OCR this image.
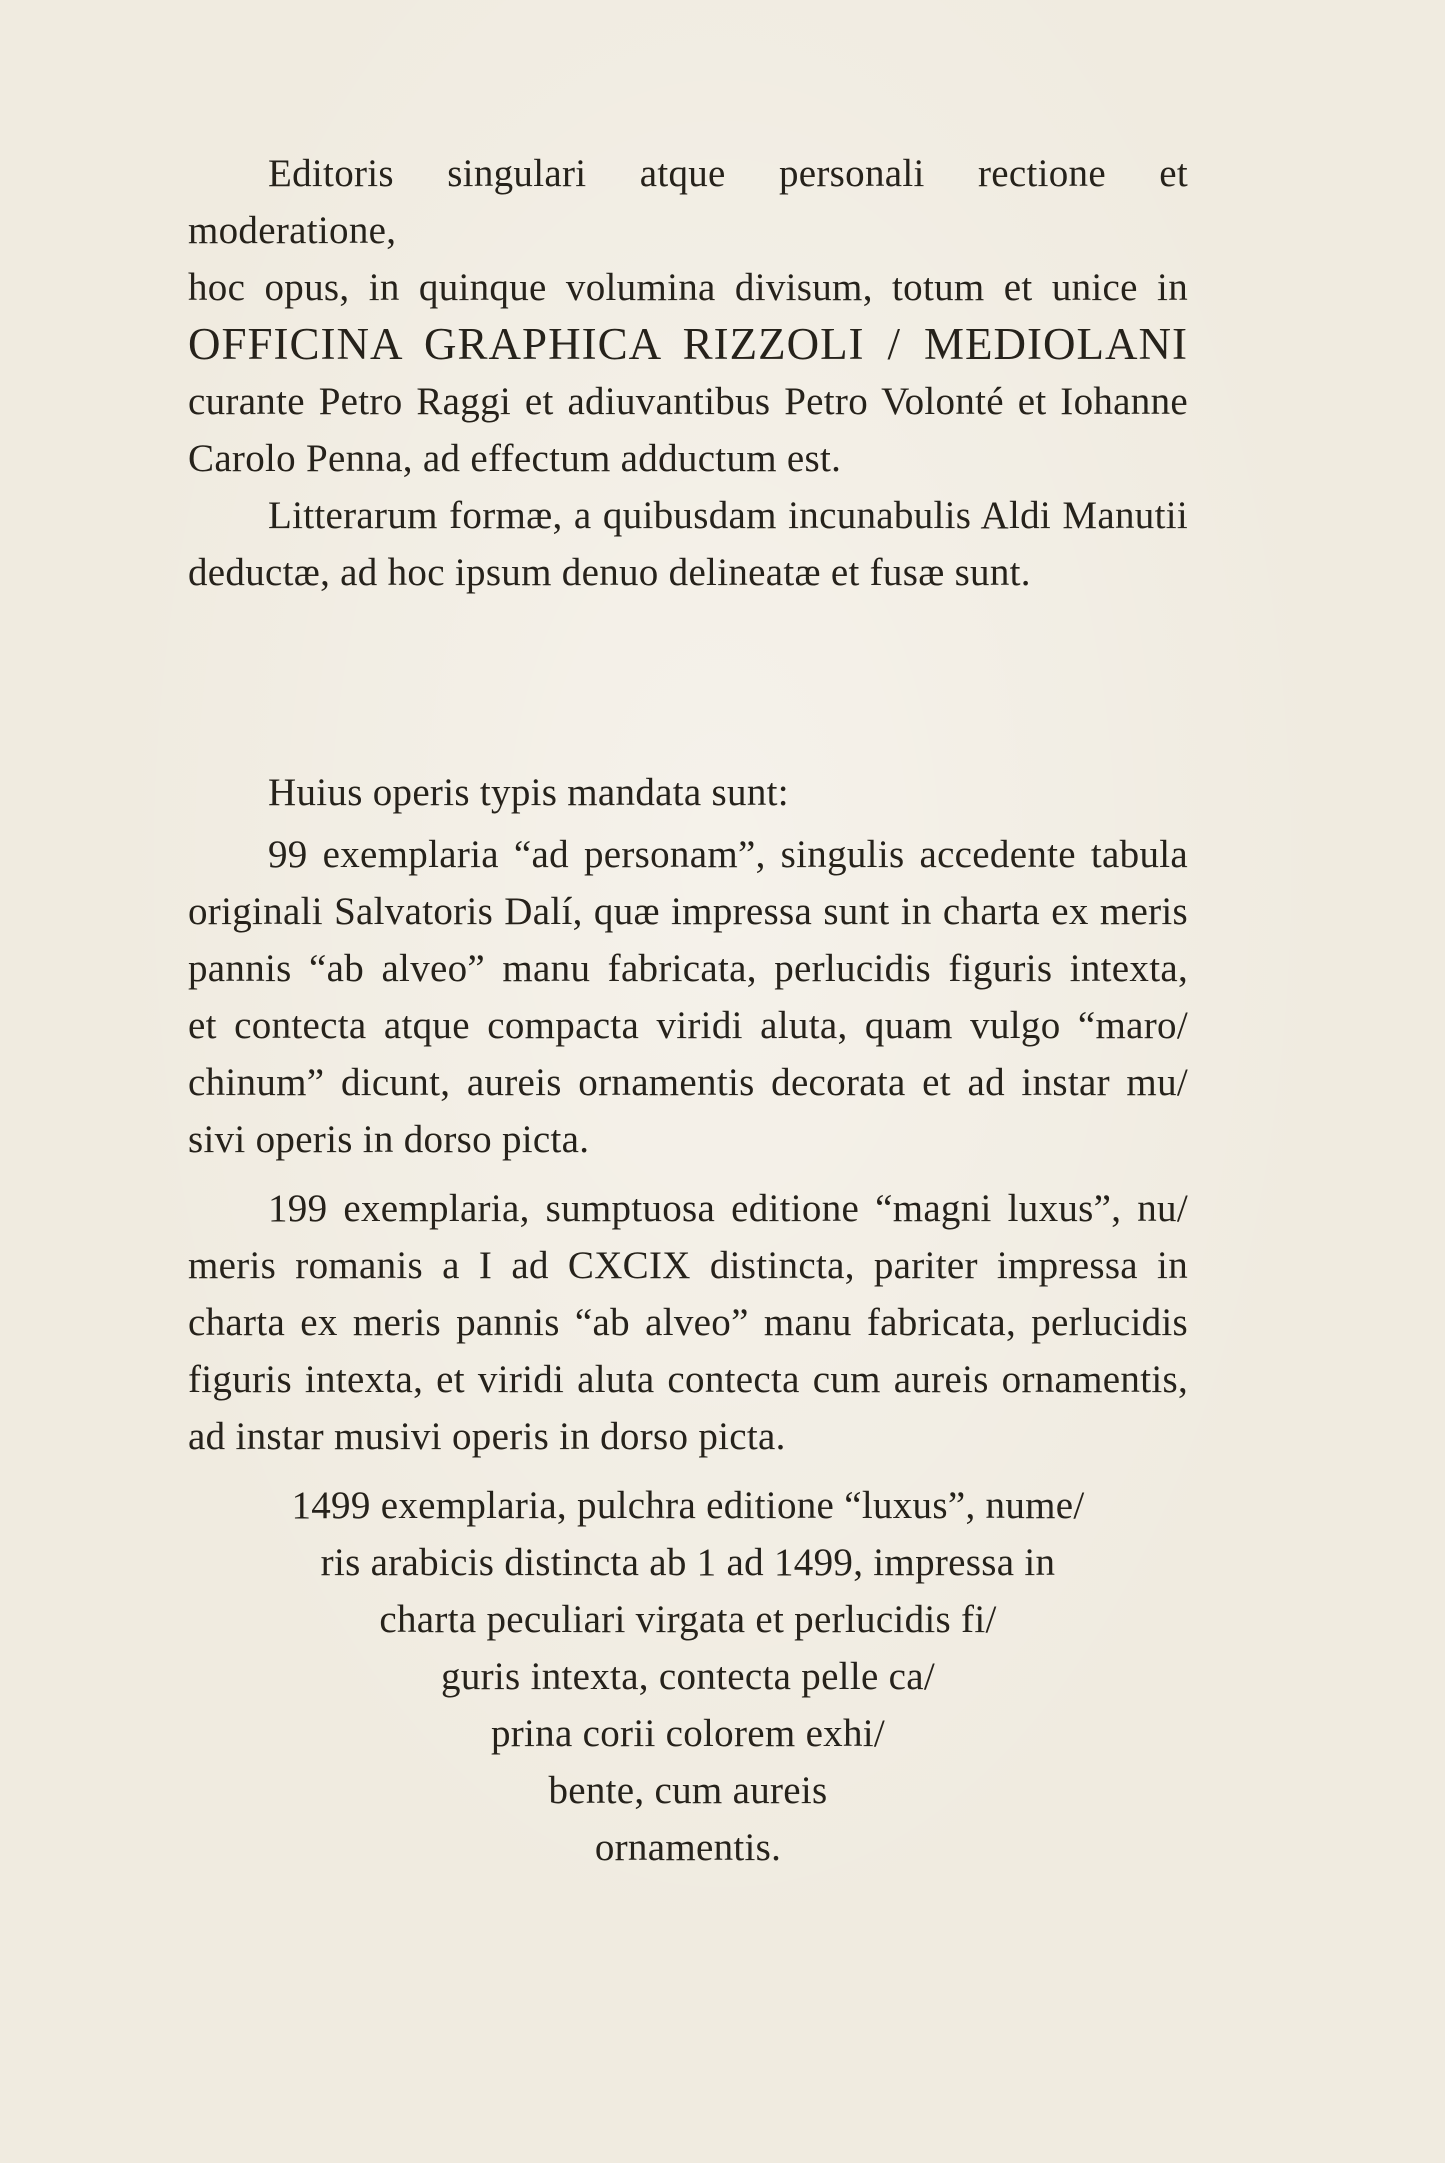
Editoris singulari atque personali rectione et moderatione,
hoc opus, in quinque volumina divisum, totum et unice in
OFFICINA GRAPHICA RIZZOLI / MEDIOLANI
curante Petro Raggi et adiuvantibus Petro Volonté et Iohanne
Carolo Penna, ad effectum adductum est.
Litterarum formæ, a quibusdam incunabulis Aldi Manutii
deductæ, ad hoc ipsum denuo delineatæ et fusæ sunt.
Huius operis typis mandata sunt:
99 exemplaria “ad personam”, singulis accedente tabula
originali Salvatoris Dalí, quæ impressa sunt in charta ex meris
pannis “ab alveo” manu fabricata, perlucidis figuris intexta,
et contecta atque compacta viridi aluta, quam vulgo “maro/
chinum” dicunt, aureis ornamentis decorata et ad instar mu/
sivi operis in dorso picta.
199 exemplaria, sumptuosa editione “magni luxus”, nu/
meris romanis a I ad CXCIX distincta, pariter impressa in
charta ex meris pannis “ab alveo” manu fabricata, perlucidis
figuris intexta, et viridi aluta contecta cum aureis ornamentis,
ad instar musivi operis in dorso picta.
1499 exemplaria, pulchra editione “luxus”, nume/
ris arabicis distincta ab 1 ad 1499, impressa in
charta peculiari virgata et perlucidis fi/
guris intexta, contecta pelle ca/
prina corii colorem exhi/
bente, cum aureis
ornamentis.
